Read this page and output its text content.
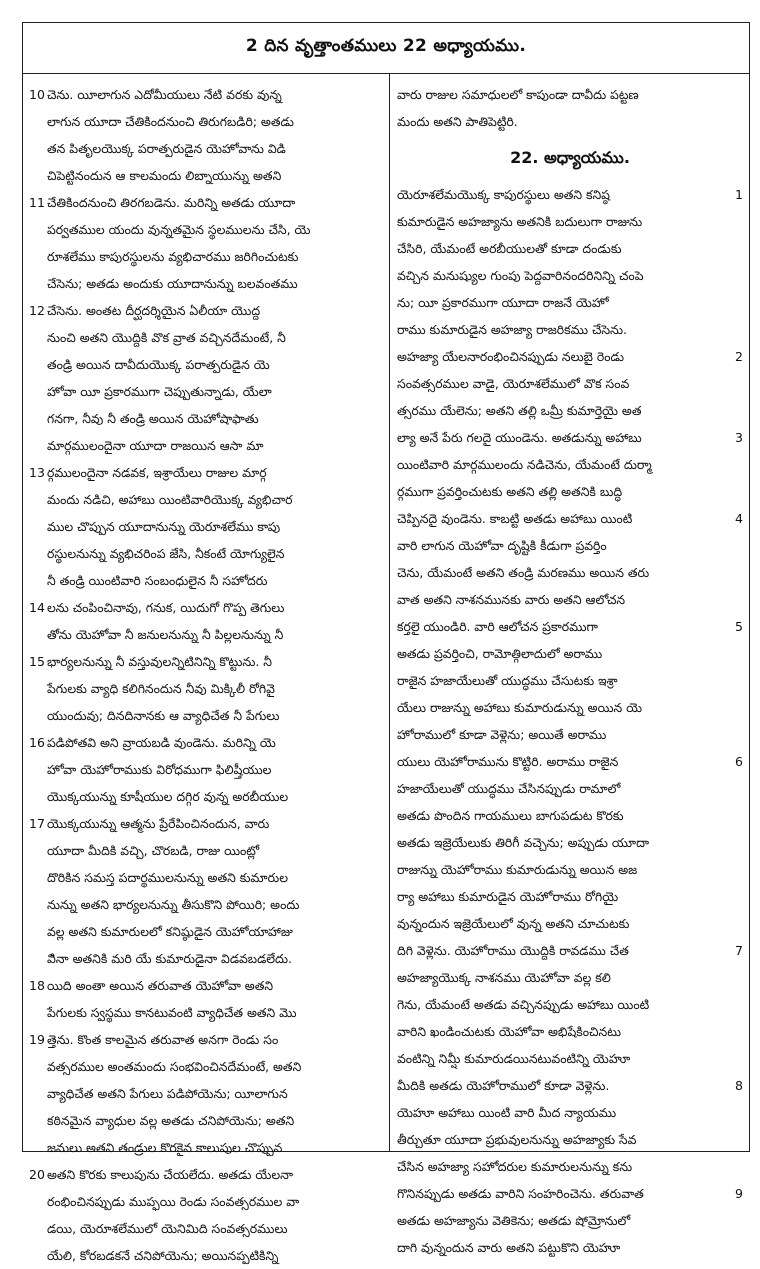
2 దిన వృత్తాంతములు 22 అధ్యాయము.
10 చెను. యీలాగున ఎదోమీయులు నేటి వరకు వున్న
లాగున యూదా చేతికిందనుంచి తిరుగబడిరి; అతడు
తన పితృలయొక్క పరాత్పరుడైన యెహోవాను విడి
చిపెట్టినందున ఆ కాలమందు లిబ్నాయున్ను అతని
11 చేతికిందనుంచి తిరగబడెను. మరిన్ని అతడు యూదా
పర్వతముల యందు వున్నతమైన స్థలములను చేసి, యె
రూశలేము కాపురస్థులను వ్యభిచారము జరిగించుటకు
చేసెను; అతడు అందుకు యూదానున్ను బలవంతము
12 చేసెను. అంతట దీర్ఘదర్శియైన ఏలీయా యొద్ద
నుంచి అతని యొద్దికి వొక వ్రాత వచ్చినదేమంటే, నీ
తండ్రి అయిన దావీదుయొక్క పరాత్పరుడైన యె
హోవా యీ ప్రకారముగా చెప్పుతున్నాడు, యేలా
గనగా, నీవు నీ తండ్రి అయిన యెహోషాఫాతు
మార్గములందైనా యూదా రాజయిన ఆసా మా
13 ర్గములందైనా నడవక, ఇశ్రాయేలు రాజుల మార్గ
మందు నడిచి, అహాబు యింటివారియొక్క వ్యభిచార
ముల చొప్పున యూదానున్ను యెరూశలేము కాపు
రస్థులనున్ను వ్యభిచరింప జేసి, నీకంటే యోగ్యులైన
నీ తండ్రి యింటివారి సంబంధులైన నీ సహోదరు
14 లను చంపించినావు, గనుక, యిదుగో గొప్ప తెగులు
తోను యెహోవా నీ జనులనున్ను నీ పిల్లలనున్ను నీ
15 భార్యలనున్ను నీ వస్తువులన్నిటినిన్ని కొట్టును. నీ
పేగులకు వ్యాధి కలిగినందున నీవు మిక్కిలీ రోగివై
యుందువు; దినదినానకు ఆ వ్యాధిచేత నీ పేగులు
16 పడిపోతవి అని వ్రాయబడి వుండెను. మరిన్ని యె
హోవా యెహోరాముకు విరోధముగా ఫిలిష్తీయుల
యొక్కయున్ను కూషీయుల దగ్గిర వున్న అరబీయుల
17 యొక్కయున్ను ఆత్మను ప్రేరేపించినందున, వారు
యూదా మీదికి వచ్చి, చొరబడి, రాజు యింట్లో
దొరికిన సమస్త పదార్థములనున్ను అతని కుమారుల
నున్ను అతని భార్యలనున్ను తీసుకొని పోయిరి; అందు
వల్ల అతని కుమారులలో కనిష్ఠుడైన యెహోయాహాజు
విినా అతనికి మరి యే కుమారుడైనా విడవబడలేదు.
18 యిది అంతా అయిన తరువాత యెహోవా అతని
పేగులకు స్వస్థము కానటువంటి వ్యాధిచేత అతని మొ
19 త్తెను. కొంత కాలమైన తరువాత అనగా రెండు సం
వత్సరముల అంతమందు సంభవించినదేమంటే, అతని
వ్యాధిచేత అతని పేగులు పడిపోయెను; యీలాగున
కఠినమైన వ్యాధుల వల్ల అతడు చనిపోయెను; అతని
జనులు అతని తండ్రుల కొరకైన కాలుపుల చొప్పున
20 అతని కొరకు కాలుపును చేయలేదు. అతడు యేలనా
రంభించినప్పుడు ముప్ఫయి రెండు సంవత్సరముల వా
డయి, యెరూశలేములో యెనిమిది సంవత్సరములు
యేలి, కోరబడకనే చనిపోయెను; అయినప్పటికిన్ని
వారు రాజుల సమాధులలో కాపుండా దావీదు పట్టణ
మందు అతని పాతిపెట్టిరి.
22. అధ్యాయము.
యెరూశలేమయొక్క కాపురస్థులు అతని కనిష్ఠ	1
కుమారుడైన అహజ్యాను అతనికి బదులుగా రాజును
చేసిరి, యేమంటే అరబీయులతో కూడా దండుకు
వచ్చిన మనుష్యుల గుంపు పెద్దవారినందరినిన్ని చంపె
ను; యీ ప్రకారముగా యూదా రాజనే యెహో
రాము కుమారుడైన అహజ్యా రాజరికము చేసెను.
అహజ్యా యేలనారంభించినప్పుడు నలుబై రెండు	2
సంవత్సరముల వాడై, యెరూశలేములో వొక సంవ
త్సరము యేలెను; అతని తల్లి ఒమ్రీ కుమార్తెయై అత
ల్యా అనే పేరు గలదై యుండెను. అతడున్ను అహాబు	3
యింటివారి మార్గములందు నడిచెను, యేమంటే దుర్మా
ర్గముగా ప్రవర్తించుటకు అతని తల్లి అతనికి బుద్ధి
చెప్పినదై వుండెను. కాబట్టి అతడు అహాబు యింటి	4
వారి లాగున యెహోవా దృష్టికి కీడుగా ప్రవర్తిం
చెను, యేమంటే అతని తండ్రి మరణము అయిన తరు
వాత అతని నాశనమునకు వారు అతని ఆలోచన
కర్తలై యుండిరి. వారి ఆలోచన ప్రకారముగా	5
అతడు ప్రవర్తించి, రామోత్గిలాదులో అరాము
రాజైన హజాయేలుతో యుద్ధము చేసుటకు ఇశ్రా
యేలు రాజున్ను అహాబు కుమారుడున్ను అయిన యె
హోరాములో కూడా వెళ్లెను; అయితే అరాము
యులు యెహోరామును కొట్టిరి. అరాము రాజైన	6
హజాయేలుతో యుద్ధము చేసినప్పుడు రామాలో
అతడు పొందిన గాయములు బాగుపడుట కొరకు
అతడు ఇజ్రెయేలుకు తిరిగీ వచ్చెను; అప్పుడు యూదా
రాజున్ను యెహోరాము కుమారుడున్ను అయిన అజ
ర్యా అహాబు కుమారుడైన యెహోరాము రోగియై
వున్నందున ఇజ్రెయేలులో వున్న అతని చూచుటకు
దిగి వెళ్లెను. యెహోరాము యొద్దికి రావడము చేత	7
అహజ్యాయొక్క నాశనము యెహోవా వల్ల కలి
గెను, యేమంటే అతడు వచ్చినప్పుడు అహాబు యింటి
వారిని ఖండించుటకు యెహోవా అభిషేకించినటు
వంటిన్ని నిమ్షీ కుమారుడయినటువంటిన్ని యెహూ
మీదికి అతడు యెహోరాములో కూడా వెళ్లెను.	8
యెహూ అహాబు యింటి వారి మీద న్యాయము
తీర్చుతూ యూదా ప్రభువులనున్ను అహజ్యాకు సేవ
చేసిన అహజ్యా సహోదరుల కుమారులనున్ను కను
గొనినప్పుడు అతడు వారిని సంహరించెను. తరువాత	9
అతడు అహజ్యాను వెతికెను; అతడు షోమ్రోనులో
దాగి వున్నందున వారు అతని పట్టుకొని యెహూ
